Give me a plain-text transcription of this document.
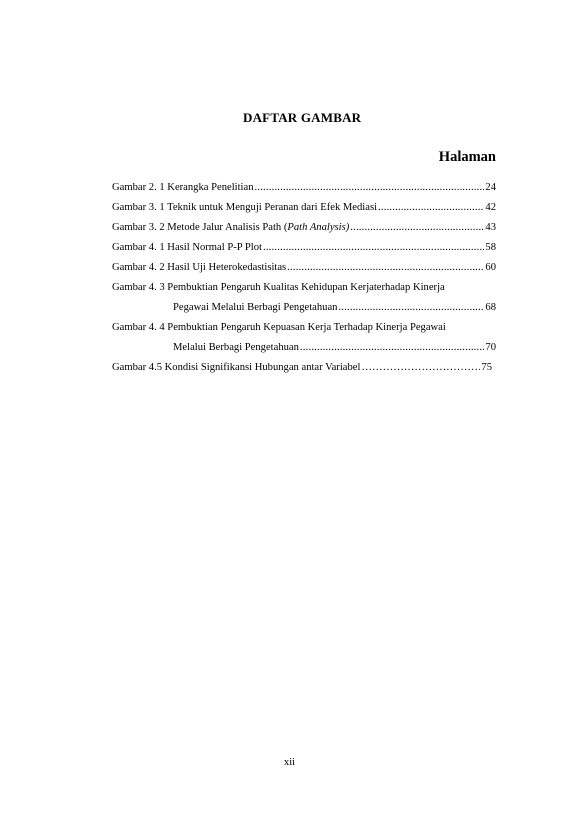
DAFTAR GAMBAR
Halaman
Gambar 2. 1 Kerangka Penelitian .....	24
Gambar 3. 1 Teknik untuk Menguji Peranan dari Efek Mediasi .....	42
Gambar 3. 2 Metode Jalur Analisis Path (Path Analysis) .....	43
Gambar 4. 1 Hasil Normal P-P Plot .....	58
Gambar 4. 2 Hasil Uji Heterokedastisitas .....	60
Gambar 4. 3 Pembuktian Pengaruh Kualitas Kehidupan Kerjaterhadap Kinerja
Pegawai Melalui Berbagi Pengetahuan .....	68
Gambar 4. 4 Pembuktian Pengaruh Kepuasan Kerja Terhadap Kinerja Pegawai
Melalui Berbagi Pengetahuan .....	70
Gambar 4.5 Kondisi Signifikansi Hubungan antar Variabel ………………………………………………………………………………	75
xii
